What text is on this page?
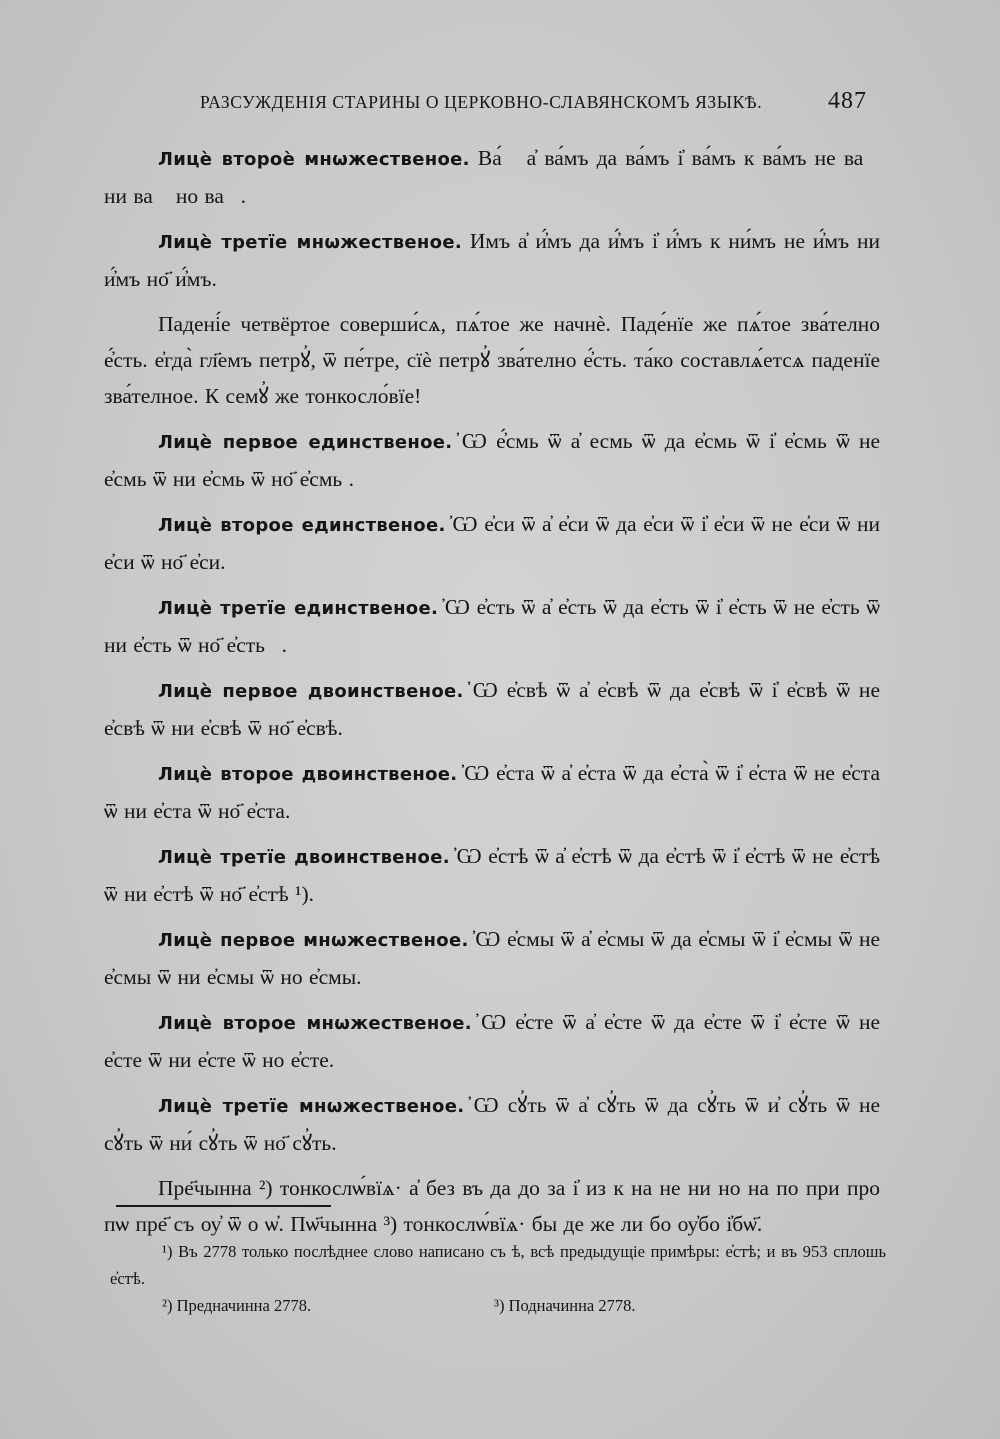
РАЗСУЖДЕНІЯ СТАРИНЫ О ЦЕРКОВНО-СЛАВЯНСКОМЪ ЯЗЫКѢ.	487

Лицѐ второѐ мнѡжественое. Ва́ⷨ а҆ ва́мъ да ва́мъ і҆ ва́мъ к ва́мъ не ваⷨ ни ваⷨ но ваⷨ.

Лицѐ третїе мнѡжественое. Имъ а҆ и҆́мъ да и҆́мъ і҆ и҆́мъ к ни́мъ не и҆́мъ ни и҆́мъ но҃ и҆́мъ.

Падені́е четвёртое соверши́сѧ, пѧ́тое же начнѐ. Паде́нїе же пѧ́тое зва́телно е҆́сть. е҆гда̀ гл҃емъ петрꙋ҆, ѿ пе́тре, сїѐ петрꙋ҆ зва́телно е҆́сть. та́ко составлѧ́етсѧ паденїе зва́телное. К семꙋ҆ же тонкосло́вїе!

Лицѐ первое единственое. ̓Ѡ е҆́смь ѿ а҆ есмь ѿ да е҆смь ѿ і҆ е҆смь ѿ не е҆смь ѿ ни е҆смь ѿ но҃ е҆смь .

Лицѐ второе единственое. ̓Ѡ е҆си ѿ а҆ е҆си ѿ да е҆си ѿ і҆ е҆си ѿ не е҆си ѿ ни е҆си ѿ но҃ е҆си.

Лицѐ третїе единственое. ̓Ѡ е҆сть ѿ а҆ е҆сть ѿ да е҆сть ѿ і҆ е҆сть ѿ не е҆сть ѿ ни е҆сть ѿ но҃ е҆стьⷮ.

Лицѐ первое двоинственое. ̓Ѡ е҆свѣ ѿ а҆ е҆свѣ ѿ да е҆свѣ ѿ і҆ е҆свѣ ѿ не е҆свѣ ѿ ни е҆свѣ ѿ но҃ е҆свѣ.

Лицѐ второе двоинственое. ̓Ѡ е҆ста ѿ а҆ е҆ста ѿ да е҆ста̀ ѿ і҆ е҆ста ѿ не е҆ста ѿ ни е҆ста ѿ но҃ е҆ста.

Лицѐ третїе двоинственое. ̓Ѡ е҆стѣ ѿ а҆ е҆стѣ ѿ да е҆стѣ ѿ і҆ е҆стѣ ѿ не е҆стѣ ѿ ни е҆стѣ ѿ но҃ е҆стѣ ¹).

Лицѐ первое мнѡжественое. ̓Ѡ е҆смы ѿ а҆ е҆смы ѿ да е҆смы ѿ і҆ е҆смы ѿ не е҆смы ѿ ни е҆смы ѿ но е҆смы.

Лицѐ второе мнѡжественое. ̓Ѡ е҆сте ѿ а҆ е҆сте ѿ да е҆сте ѿ і҆ е҆сте ѿ не е҆сте ѿ ни е҆сте ѿ но е҆сте.

Лицѐ третїе мнѡжественое. ̓Ѡ сꙋ҆ть ѿ а҆ сꙋ҆ть ѿ да сꙋ҆ть ѿ и҆ сꙋ҆ть ѿ не сꙋ҆ть ѿ ни́ сꙋ҆ть ѿ но҃ сꙋ҆ть.

Пре҃чынна ²) тонкослѡ́вїѧ· а҆ без въ да до за і҆ из к на не ни но на по при про пѡ пре҃ съ оу҆ ѿ о ѡ҆. Пѡ҃чынна ³) тонкослѡ́вїѧ· бы де же ли бо оу҆бо і҆бѡ҃.

¹) Въ 2778 только послѣднее слово написано съ ѣ, всѣ предыдущіе примѣры: е҆стѣ; и въ 953 сплошь е҆стѣ.

²) Предначинна 2778.	³) Подначинна 2778.
